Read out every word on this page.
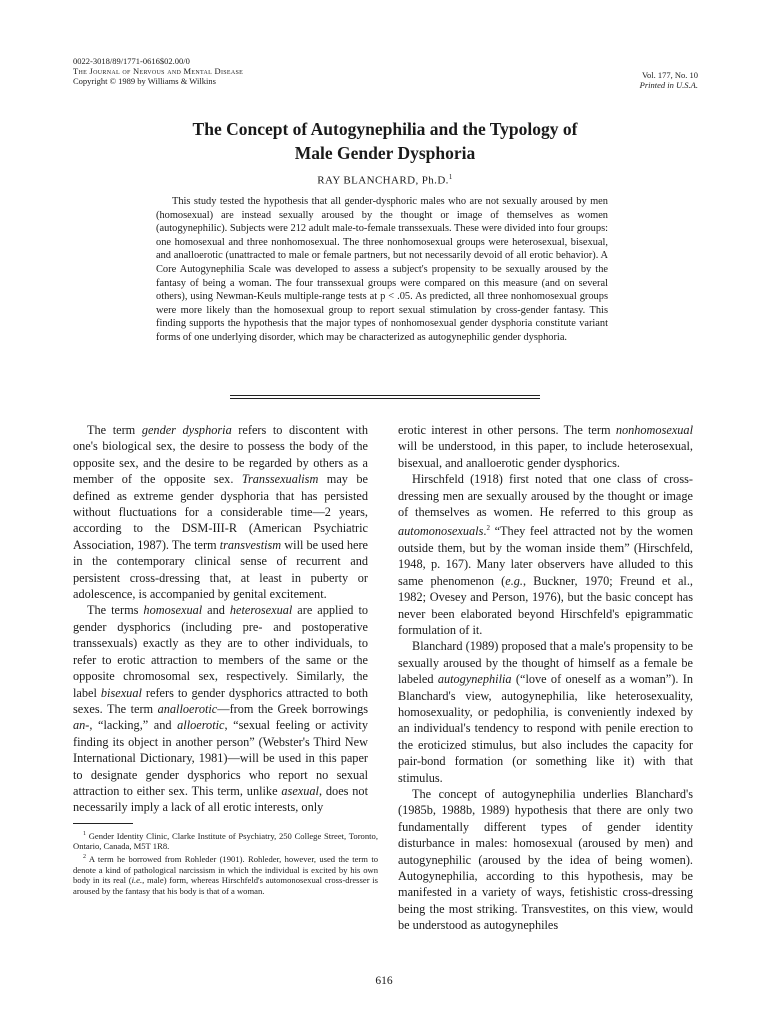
0022-3018/89/1771-0616$02.00/0
The Journal of Nervous and Mental Disease
Copyright © 1989 by Williams & Wilkins
Vol. 177, No. 10
Printed in U.S.A.
The Concept of Autogynephilia and the Typology of
Male Gender Dysphoria
RAY BLANCHARD, Ph.D.$^1$

This study tested the hypothesis that all gender-dysphoric males who are not sexually aroused by men (homosexual) are instead sexually aroused by the thought or image of themselves as women (autogynephilic). Subjects were 212 adult male-to-female transsexuals. These were divided into four groups: one homosexual and three nonhomosexual. The three nonhomosexual groups were heterosexual, bisexual, and analloerotic (unattracted to male or female partners, but not necessarily devoid of all erotic behavior). A Core Autogynephilia Scale was developed to assess a subject's propensity to be sexually aroused by the fantasy of being a woman. The four transsexual groups were compared on this measure (and on several others), using Newman-Keuls multiple-range tests at p < .05. As predicted, all three nonhomosexual groups were more likely than the homosexual group to report sexual stimulation by cross-gender fantasy. This finding supports the hypothesis that the major types of nonhomosexual gender dysphoria constitute variant forms of one underlying disorder, which may be characterized as autogynephilic gender dysphoria.

The term gender dysphoria refers to discontent with one's biological sex, the desire to possess the body of the opposite sex, and the desire to be regarded by others as a member of the opposite sex. Transsexualism may be defined as extreme gender dysphoria that has persisted without fluctuations for a considerable time—2 years, according to the DSM-III-R (American Psychiatric Association, 1987). The term transvestism will be used here in the contemporary clinical sense of recurrent and persistent cross-dressing that, at least in puberty or adolescence, is accompanied by genital excitement.

The terms homosexual and heterosexual are applied to gender dysphorics (including pre- and postoperative transsexuals) exactly as they are to other individuals, to refer to erotic attraction to members of the same or the opposite chromosomal sex, respectively. Similarly, the label bisexual refers to gender dysphorics attracted to both sexes. The term analloerotic—from the Greek borrowings an-, “lacking,” and alloerotic, “sexual feeling or activity finding its object in another person” (Webster's Third New International Dictionary, 1981)—will be used in this paper to designate gender dysphorics who report no sexual attraction to either sex. This term, unlike asexual, does not necessarily imply a lack of all erotic interests, only

erotic interest in other persons. The term nonhomosexual will be understood, in this paper, to include heterosexual, bisexual, and analloerotic gender dysphorics.

Hirschfeld (1918) first noted that one class of cross-dressing men are sexually aroused by the thought or image of themselves as women. He referred to this group as automonosexuals.$^2$ “They feel attracted not by the women outside them, but by the woman inside them” (Hirschfeld, 1948, p. 167). Many later observers have alluded to this same phenomenon (e.g., Buckner, 1970; Freund et al., 1982; Ovesey and Person, 1976), but the basic concept has never been elaborated beyond Hirschfeld's epigrammatic formulation of it.

Blanchard (1989) proposed that a male's propensity to be sexually aroused by the thought of himself as a female be labeled autogynephilia (“love of oneself as a woman”). In Blanchard's view, autogynephilia, like heterosexuality, homosexuality, or pedophilia, is conveniently indexed by an individual's tendency to respond with penile erection to the eroticized stimulus, but also includes the capacity for pair-bond formation (or something like it) with that stimulus.

The concept of autogynephilia underlies Blanchard's (1985b, 1988b, 1989) hypothesis that there are only two fundamentally different types of gender identity disturbance in males: homosexual (aroused by men) and autogynephilic (aroused by the idea of being women). Autogynephilia, according to this hypothesis, may be manifested in a variety of ways, fetishistic cross-dressing being the most striking. Transvestites, on this view, would be understood as autogynephiles

$^1$ Gender Identity Clinic, Clarke Institute of Psychiatry, 250 College Street, Toronto, Ontario, Canada, M5T 1R8.

$^2$ A term he borrowed from Rohleder (1901). Rohleder, however, used the term to denote a kind of pathological narcissism in which the individual is excited by his own body in its real (i.e., male) form, whereas Hirschfeld's automonosexual cross-dresser is aroused by the fantasy that his body is that of a woman.

616
